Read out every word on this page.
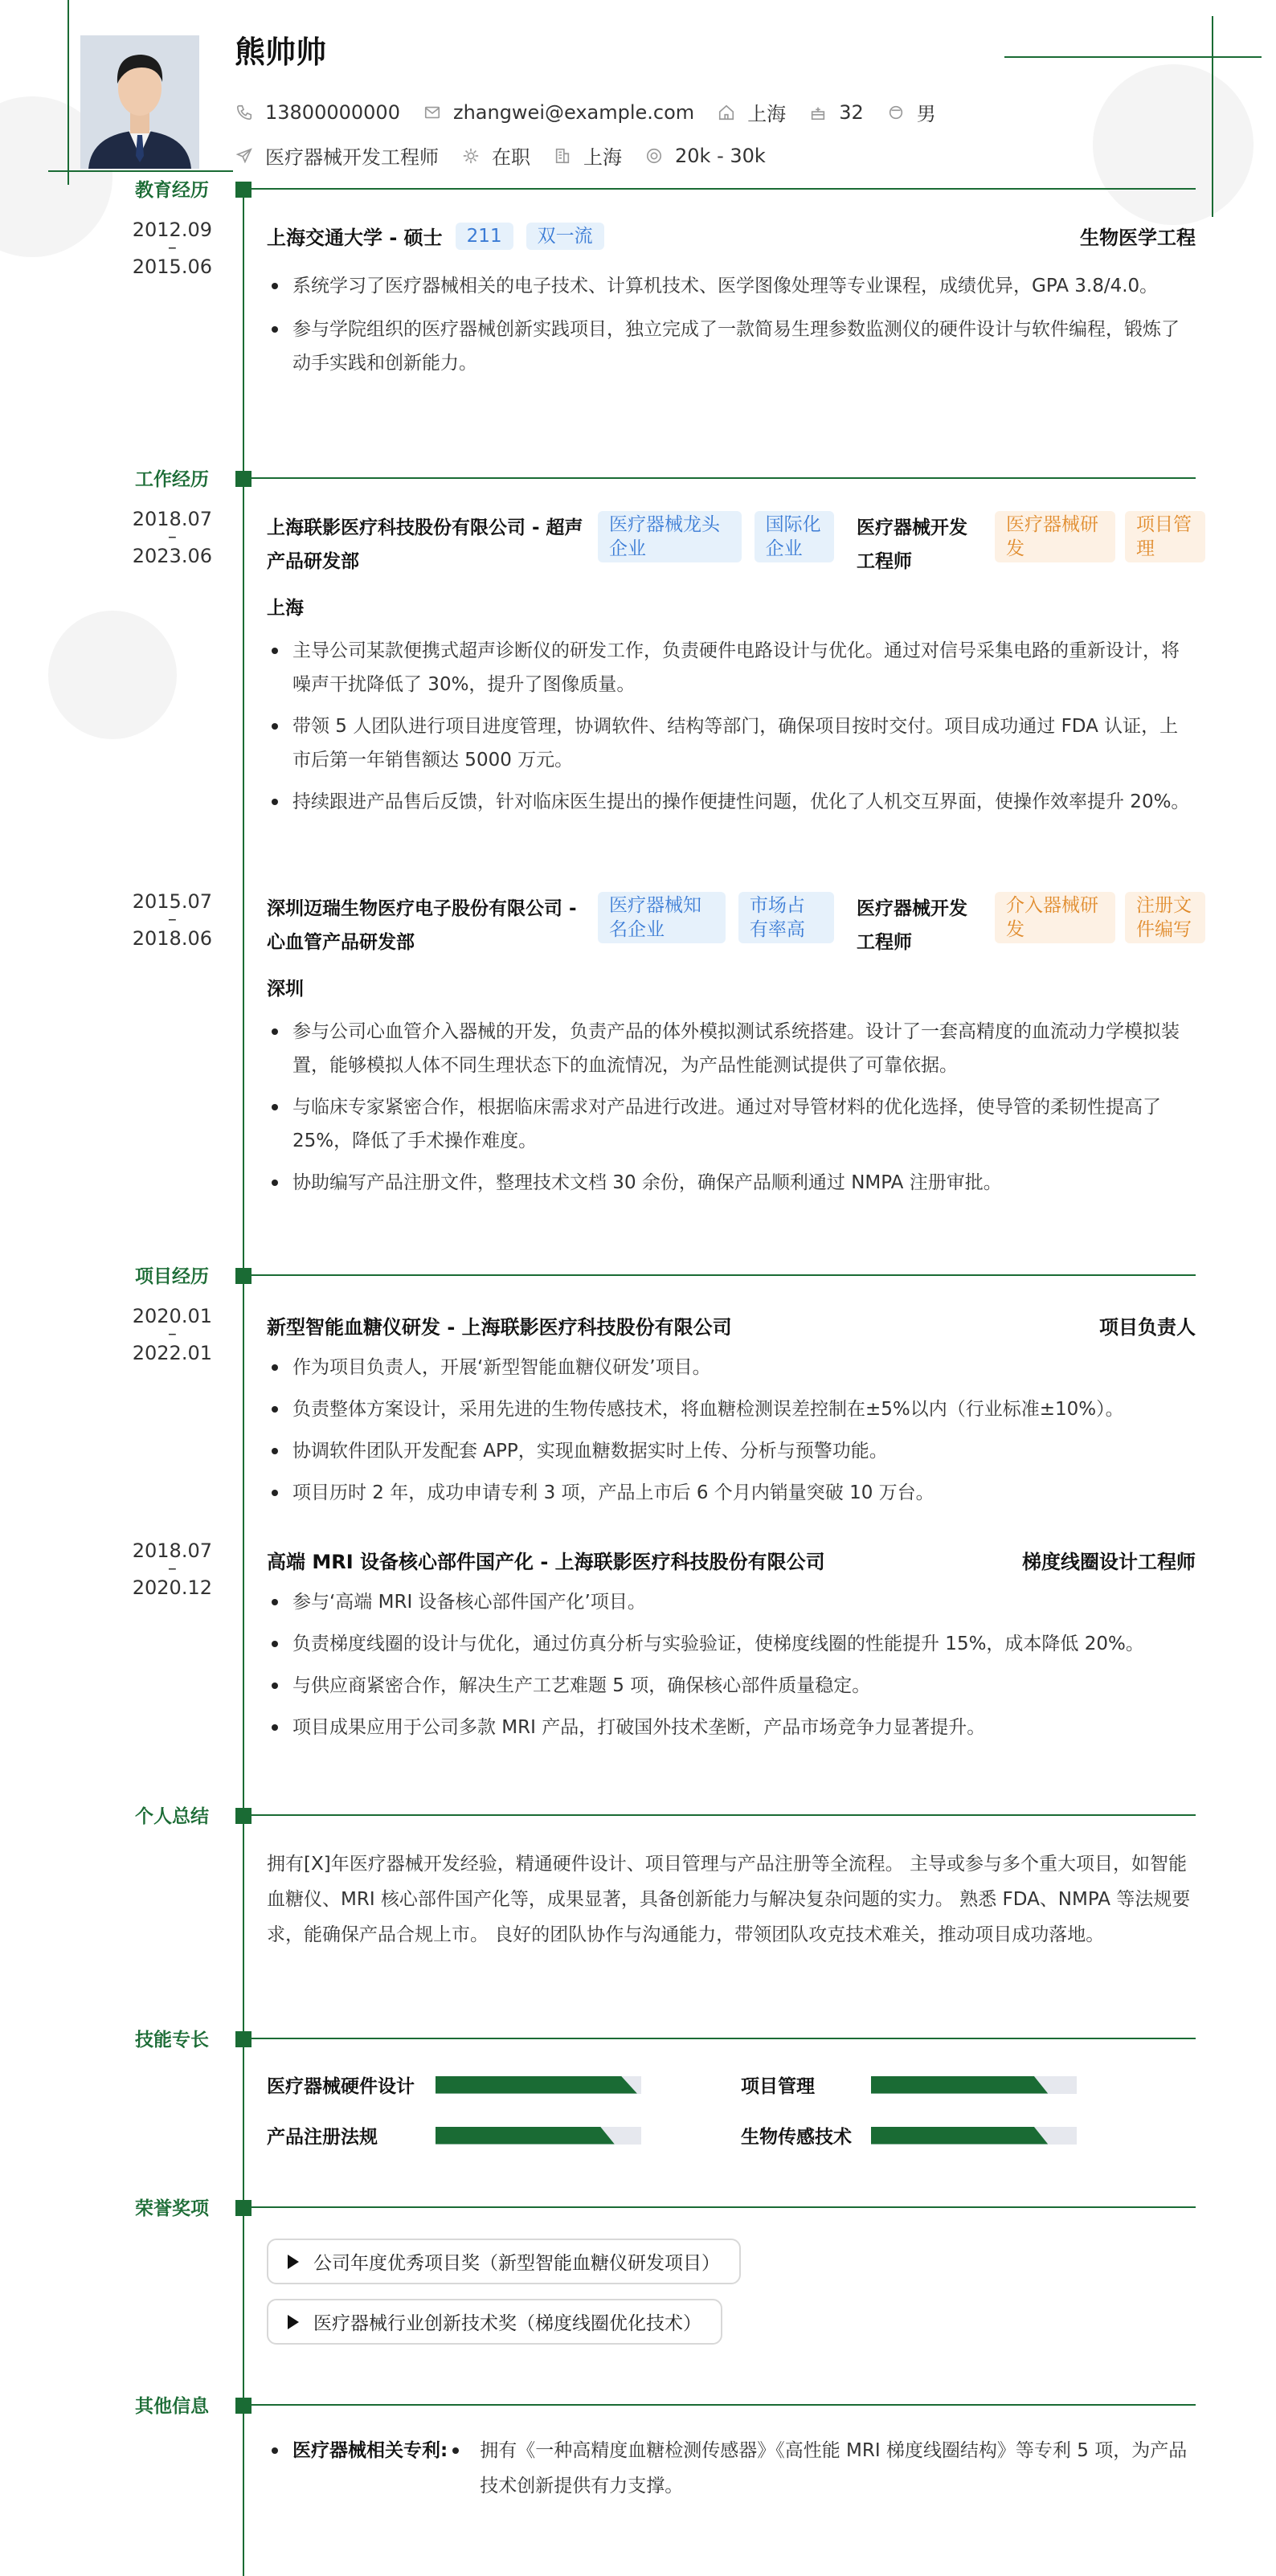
熊帅帅
13800000000	zhangwei@example.com	上海	32	男
医疗器械开发工程师	在职	上海	20k - 30k
教育经历
2012.09
–
2015.06
上海交通大学 - 硕士	211	双一流	生物医学工程
系统学习了医疗器械相关的电子技术、计算机技术、医学图像处理等专业课程，成绩优异，GPA 3.8/4.0。
参与学院组织的医疗器械创新实践项目，独立完成了一款简易生理参数监测仪的硬件设计与软件编程，锻炼了动手实践和创新能力。
工作经历
2018.07
–
2023.06
上海联影医疗科技股份有限公司 - 超声产品研发部
医疗器械龙头企业
国际化企业
医疗器械开发工程师
医疗器械研发
项目管理
上海
主导公司某款便携式超声诊断仪的研发工作，负责硬件电路设计与优化。通过对信号采集电路的重新设计，将噪声干扰降低了 30%，提升了图像质量。
带领 5 人团队进行项目进度管理，协调软件、结构等部门，确保项目按时交付。项目成功通过 FDA 认证，上市后第一年销售额达 5000 万元。
持续跟进产品售后反馈，针对临床医生提出的操作便捷性问题，优化了人机交互界面，使操作效率提升 20%。
2015.07
–
2018.06
深圳迈瑞生物医疗电子股份有限公司 - 心血管产品研发部
医疗器械知名企业
市场占有率高
医疗器械开发工程师
介入器械研发
注册文件编写
深圳
参与公司心血管介入器械的开发，负责产品的体外模拟测试系统搭建。设计了一套高精度的血流动力学模拟装置，能够模拟人体不同生理状态下的血流情况，为产品性能测试提供了可靠依据。
与临床专家紧密合作，根据临床需求对产品进行改进。通过对导管材料的优化选择，使导管的柔韧性提高了 25%，降低了手术操作难度。
协助编写产品注册文件，整理技术文档 30 余份，确保产品顺利通过 NMPA 注册审批。
项目经历
2020.01
–
2022.01
新型智能血糖仪研发 - 上海联影医疗科技股份有限公司	项目负责人
作为项目负责人，开展‘新型智能血糖仪研发’项目。
负责整体方案设计，采用先进的生物传感技术，将血糖检测误差控制在±5%以内（行业标准±10%）。
协调软件团队开发配套 APP，实现血糖数据实时上传、分析与预警功能。
项目历时 2 年，成功申请专利 3 项，产品上市后 6 个月内销量突破 10 万台。
2018.07
–
2020.12
高端 MRI 设备核心部件国产化 - 上海联影医疗科技股份有限公司	梯度线圈设计工程师
参与‘高端 MRI 设备核心部件国产化’项目。
负责梯度线圈的设计与优化，通过仿真分析与实验验证，使梯度线圈的性能提升 15%，成本降低 20%。
与供应商紧密合作，解决生产工艺难题 5 项，确保核心部件质量稳定。
项目成果应用于公司多款 MRI 产品，打破国外技术垄断，产品市场竞争力显著提升。
个人总结
拥有[X]年医疗器械开发经验，精通硬件设计、项目管理与产品注册等全流程。 主导或参与多个重大项目，如智能血糖仪、MRI 核心部件国产化等，成果显著，具备创新能力与解决复杂问题的实力。 熟悉 FDA、NMPA 等法规要求，能确保产品合规上市。 良好的团队协作与沟通能力，带领团队攻克技术难关，推动项目成功落地。
技能专长
医疗器械硬件设计	项目管理
产品注册法规	生物传感技术
荣誉奖项
公司年度优秀项目奖（新型智能血糖仪研发项目）
医疗器械行业创新技术奖（梯度线圈优化技术）
其他信息
医疗器械相关专利:	拥有《一种高精度血糖检测传感器》《高性能 MRI 梯度线圈结构》等专利 5 项，为产品技术创新提供有力支撑。
